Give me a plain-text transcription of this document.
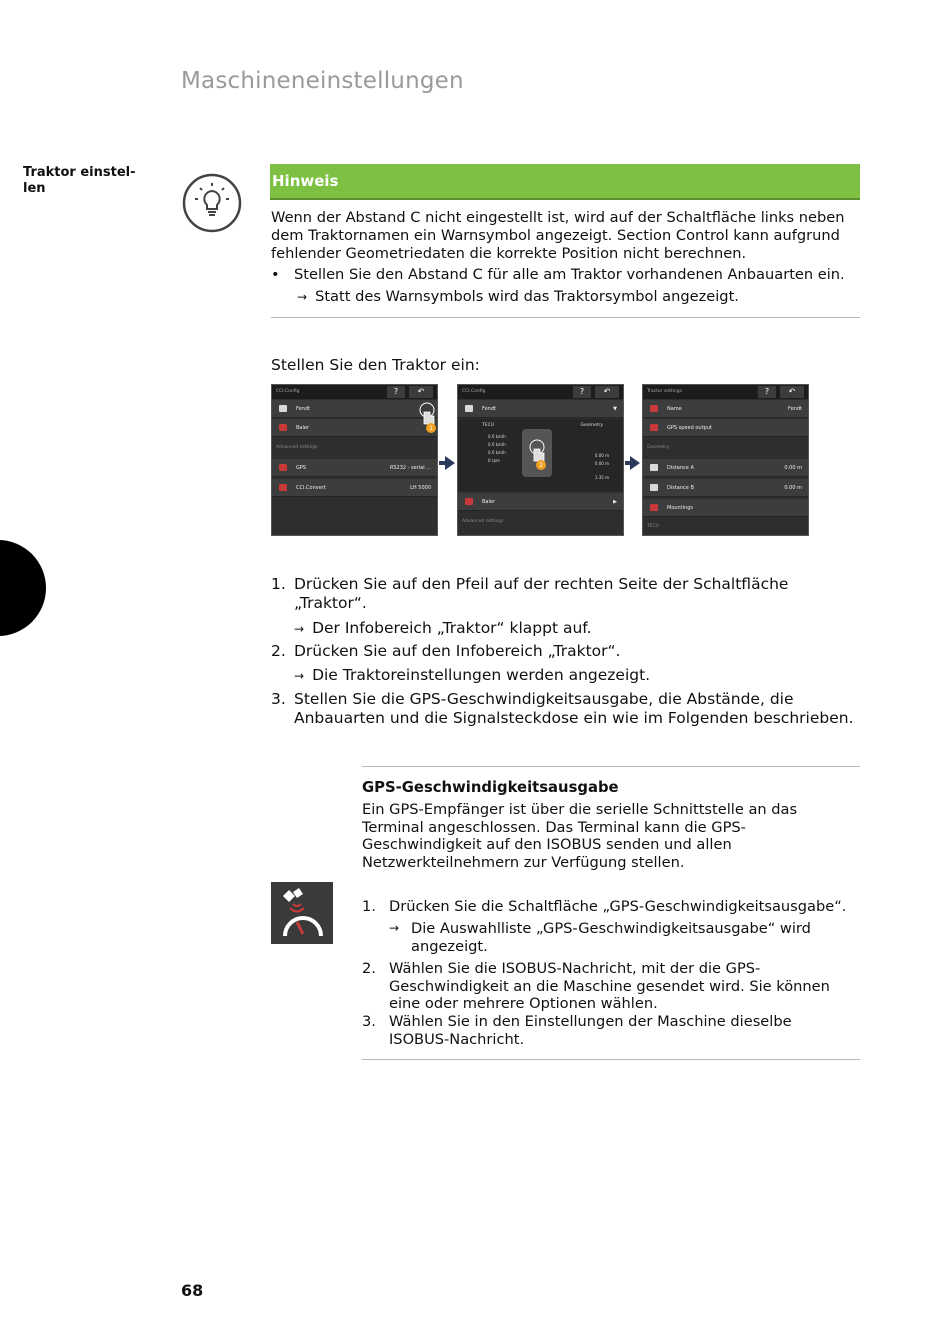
Maschineneinstellungen
Traktor einstel-
len	Hinweis
Wenn der Abstand C nicht eingestellt ist, wird auf der Schaltfläche links neben dem Traktornamen ein Warnsymbol angezeigt. Section Control kann aufgrund fehlender Geometriedaten die korrekte Position nicht berechnen.
• Stellen Sie den Abstand C für alle am Traktor vorhandenen Anbauarten ein.
→ Statt des Warnsymbols wird das Traktorsymbol angezeigt.
Stellen Sie den Traktor ein:
CCI.Config	?	↶
Fendt
Baler
Advanced settings
GPS	RS232 - serial ...
CCI.Convert	LH 5000
1
CCI.Config	?	↶
Fendt	▼
TECU	Geometry
0.0 km/h
0.0 km/h
0.0 km/h
0 rpm
0.00 m
0.00 m
1.35 m
2
Baler	▶
Advanced settings
Tractor settings	?	↶
Name	Fendt
GPS speed output
Geometry
Distance A	0.00 m
Distance B	0.00 m
Mountings
TECU
1. Drücken Sie auf den Pfeil auf der rechten Seite der Schaltfläche „Traktor“.
→ Der Infobereich „Traktor“ klappt auf.
2. Drücken Sie auf den Infobereich „Traktor“.
→ Die Traktoreinstellungen werden angezeigt.
3. Stellen Sie die GPS-Geschwindigkeitsausgabe, die Abstände, die Anbauarten und die Signalsteckdose ein wie im Folgenden beschrieben.
GPS-Geschwindigkeitsausgabe
Ein GPS-Empfänger ist über die serielle Schnittstelle an das Terminal angeschlossen. Das Terminal kann die GPS-Geschwindigkeit auf den ISOBUS senden und allen Netzwerkteilnehmern zur Verfügung stellen.
1. Drücken Sie die Schaltfläche „GPS-Geschwindigkeitsausgabe“.
→ Die Auswahlliste „GPS-Geschwindigkeitsausgabe“ wird angezeigt.
2. Wählen Sie die ISOBUS-Nachricht, mit der die GPS-Geschwindigkeit an die Maschine gesendet wird. Sie können eine oder mehrere Optionen wählen.
3. Wählen Sie in den Einstellungen der Maschine dieselbe ISOBUS-Nachricht.
68
